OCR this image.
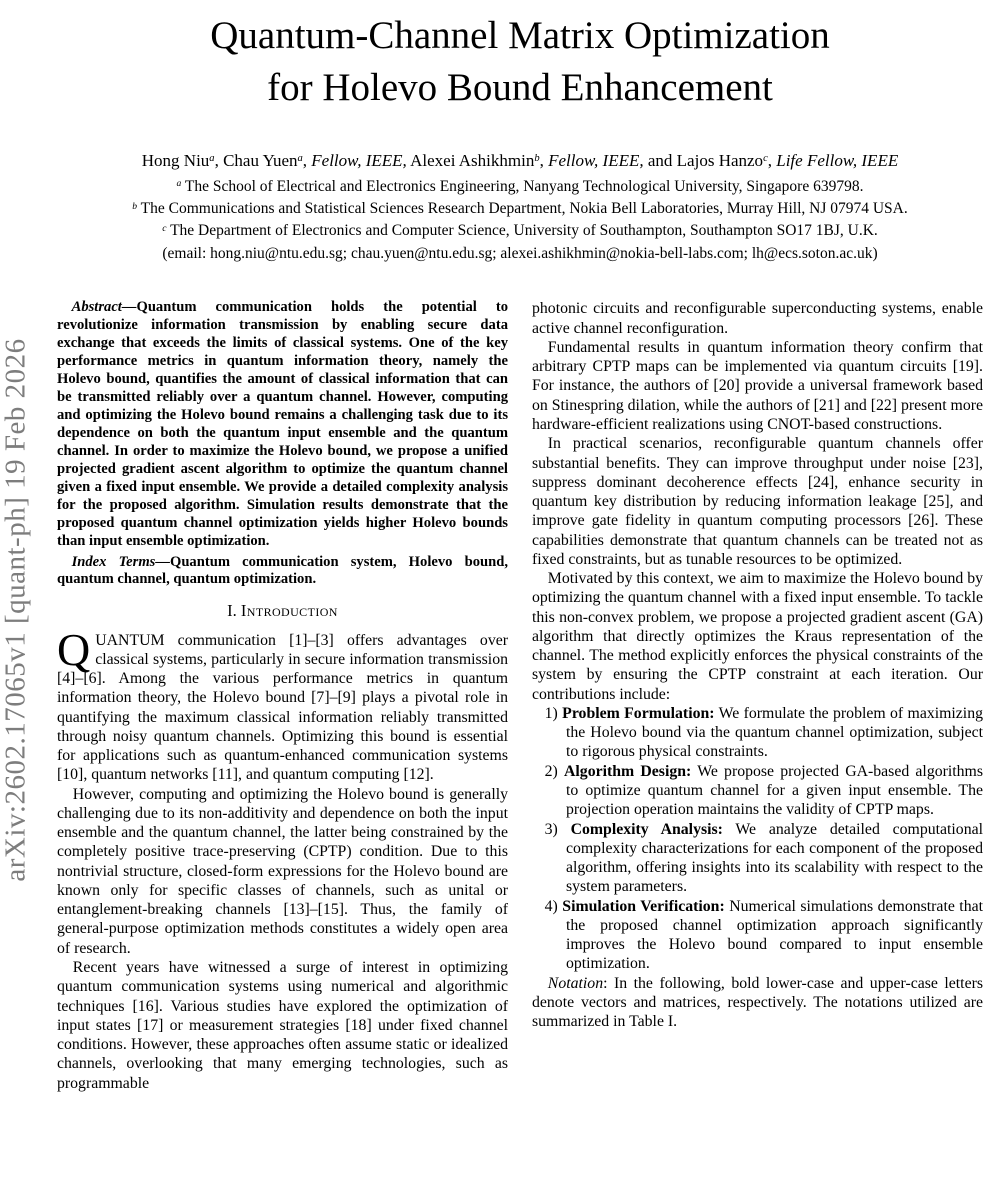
arXiv:2602.17065v1 [quant-ph] 19 Feb 2026
Quantum-Channel Matrix Optimization
for Holevo Bound Enhancement
Hong Niu$^a$, Chau Yuen$^a$, Fellow, IEEE, Alexei Ashikhmin$^b$, Fellow, IEEE, and Lajos Hanzo$^c$, Life Fellow, IEEE
$^a$ The School of Electrical and Electronics Engineering, Nanyang Technological University, Singapore 639798.
$^b$ The Communications and Statistical Sciences Research Department, Nokia Bell Laboratories, Murray Hill, NJ 07974 USA.
$^c$ The Department of Electronics and Computer Science, University of Southampton, Southampton SO17 1BJ, U.K.
(email: hong.niu@ntu.edu.sg; chau.yuen@ntu.edu.sg; alexei.ashikhmin@nokia-bell-labs.com; lh@ecs.soton.ac.uk)

Abstract—Quantum communication holds the potential to revolutionize information transmission by enabling secure data exchange that exceeds the limits of classical systems. One of the key performance metrics in quantum information theory, namely the Holevo bound, quantifies the amount of classical information that can be transmitted reliably over a quantum channel. However, computing and optimizing the Holevo bound remains a challenging task due to its dependence on both the quantum input ensemble and the quantum channel. In order to maximize the Holevo bound, we propose a unified projected gradient ascent algorithm to optimize the quantum channel given a fixed input ensemble. We provide a detailed complexity analysis for the proposed algorithm. Simulation results demonstrate that the proposed quantum channel optimization yields higher Holevo bounds than input ensemble optimization.

Index Terms—Quantum communication system, Holevo bound, quantum channel, quantum optimization.

I. Introduction

QUANTUM communication [1]–[3] offers advantages over classical systems, particularly in secure information transmission [4]–[6]. Among the various performance metrics in quantum information theory, the Holevo bound [7]–[9] plays a pivotal role in quantifying the maximum classical information reliably transmitted through noisy quantum channels. Optimizing this bound is essential for applications such as quantum-enhanced communication systems [10], quantum networks [11], and quantum computing [12].

However, computing and optimizing the Holevo bound is generally challenging due to its non-additivity and dependence on both the input ensemble and the quantum channel, the latter being constrained by the completely positive trace-preserving (CPTP) condition. Due to this nontrivial structure, closed-form expressions for the Holevo bound are known only for specific classes of channels, such as unital or entanglement-breaking channels [13]–[15]. Thus, the family of general-purpose optimization methods constitutes a widely open area of research.

Recent years have witnessed a surge of interest in optimizing quantum communication systems using numerical and algorithmic techniques [16]. Various studies have explored the optimization of input states [17] or measurement strategies [18] under fixed channel conditions. However, these approaches often assume static or idealized channels, overlooking that many emerging technologies, such as programmable

photonic circuits and reconfigurable superconducting systems, enable active channel reconfiguration.

Fundamental results in quantum information theory confirm that arbitrary CPTP maps can be implemented via quantum circuits [19]. For instance, the authors of [20] provide a universal framework based on Stinespring dilation, while the authors of [21] and [22] present more hardware-efficient realizations using CNOT-based constructions.

In practical scenarios, reconfigurable quantum channels offer substantial benefits. They can improve throughput under noise [23], suppress dominant decoherence effects [24], enhance security in quantum key distribution by reducing information leakage [25], and improve gate fidelity in quantum computing processors [26]. These capabilities demonstrate that quantum channels can be treated not as fixed constraints, but as tunable resources to be optimized.

Motivated by this context, we aim to maximize the Holevo bound by optimizing the quantum channel with a fixed input ensemble. To tackle this non-convex problem, we propose a projected gradient ascent (GA) algorithm that directly optimizes the Kraus representation of the channel. The method explicitly enforces the physical constraints of the system by ensuring the CPTP constraint at each iteration. Our contributions include:

1) Problem Formulation: We formulate the problem of maximizing the Holevo bound via the quantum channel optimization, subject to rigorous physical constraints.
2) Algorithm Design: We propose projected GA-based algorithms to optimize quantum channel for a given input ensemble. The projection operation maintains the validity of CPTP maps.
3) Complexity Analysis: We analyze detailed computational complexity characterizations for each component of the proposed algorithm, offering insights into its scalability with respect to the system parameters.
4) Simulation Verification: Numerical simulations demonstrate that the proposed channel optimization approach significantly improves the Holevo bound compared to input ensemble optimization.

Notation: In the following, bold lower-case and upper-case letters denote vectors and matrices, respectively. The notations utilized are summarized in Table I.
